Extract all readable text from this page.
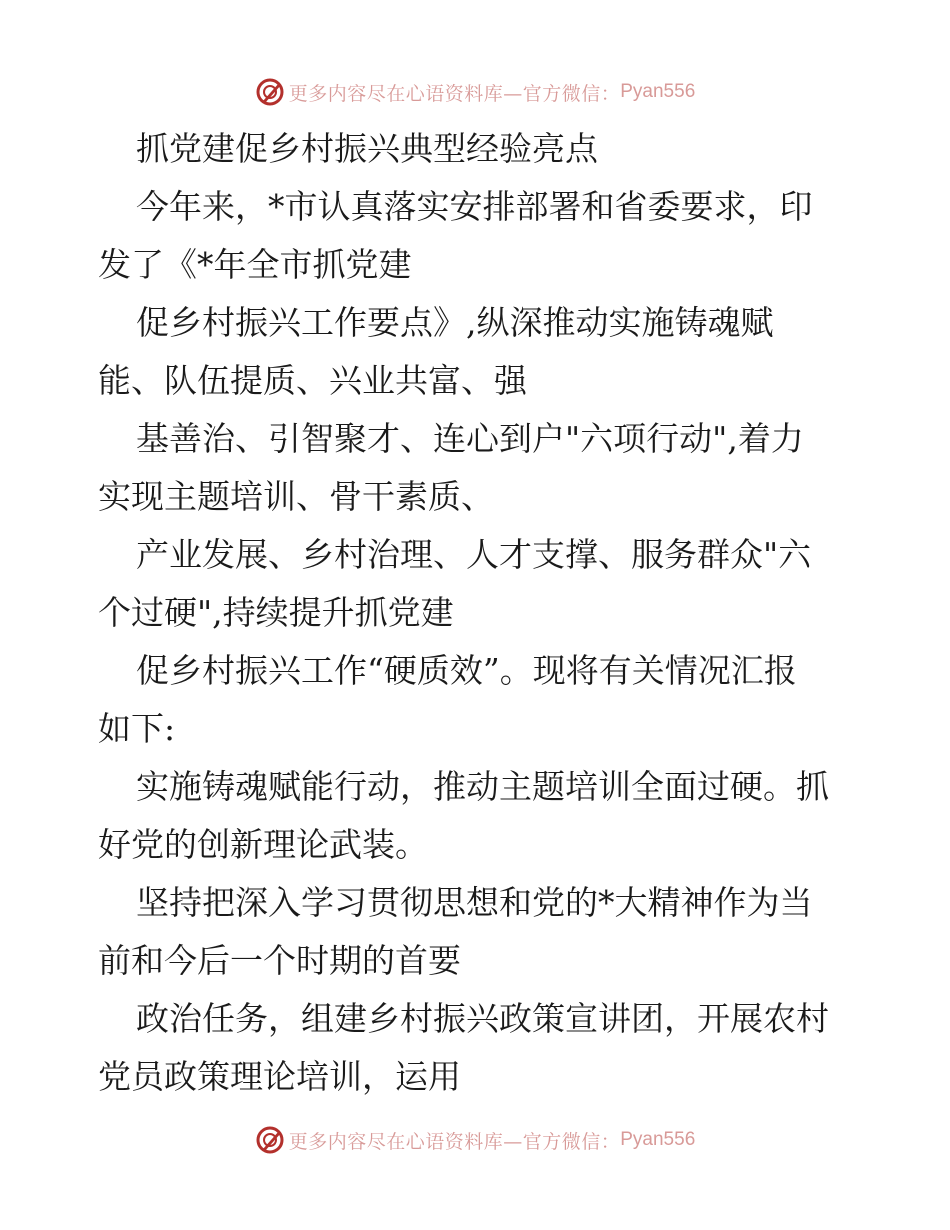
更多内容尽在心语资料库—官方微信： Pyan556
抓党建促乡村振兴典型经验亮点
今年来，*市认真落实安排部署和省委要求，印
发了《*年全市抓党建
促乡村振兴工作要点》,纵深推动实施铸魂赋
能、队伍提质、兴业共富、强
基善治、引智聚才、连心到户"六项行动",着力
实现主题培训、骨干素质、
产业发展、乡村治理、人才支撑、服务群众"六
个过硬",持续提升抓党建
促乡村振兴工作“硬质效”。现将有关情况汇报
如下:
实施铸魂赋能行动，推动主题培训全面过硬。抓
好党的创新理论武装。
坚持把深入学习贯彻思想和党的*大精神作为当
前和今后一个时期的首要
政治任务，组建乡村振兴政策宣讲团，开展农村
党员政策理论培训，运用
更多内容尽在心语资料库—官方微信： Pyan556
